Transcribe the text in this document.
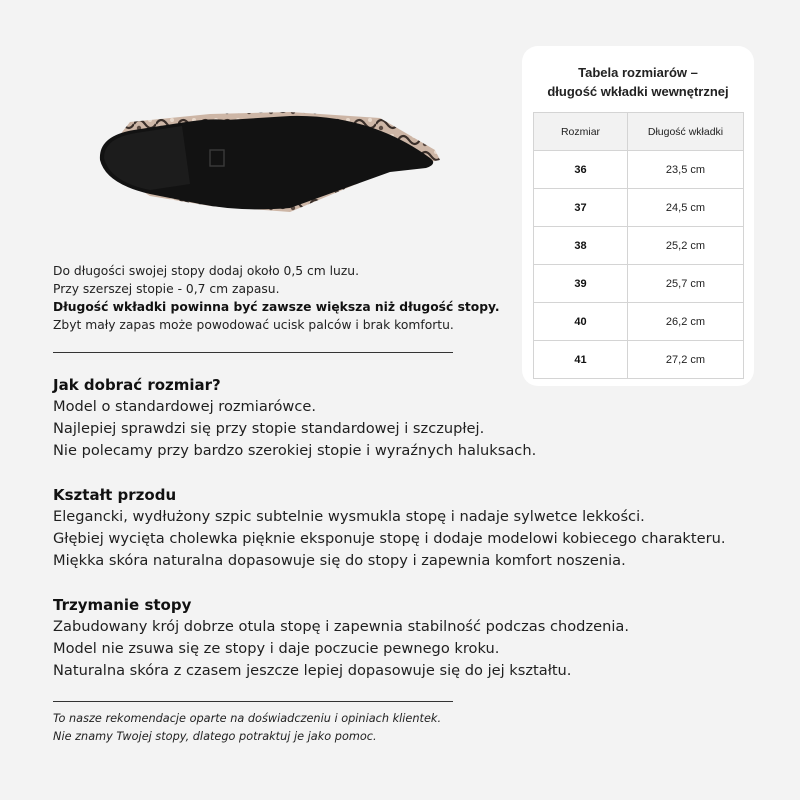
Do długości swojej stopy dodaj około 0,5 cm luzu.
Przy szerszej stopie - 0,7 cm zapasu.
Długość wkładki powinna być zawsze większa niż długość stopy.
Zbyt mały zapas może powodować ucisk palców i brak komfortu.
Tabela rozmiarów –
długość wkładki wewnętrznej
Rozmiar	Długość wkładki
36	23,5 cm
37	24,5 cm
38	25,2 cm
39	25,7 cm
40	26,2 cm
41	27,2 cm
Jak dobrać rozmiar?

Model o standardowej rozmiarówce.

Najlepiej sprawdzi się przy stopie standardowej i szczupłej.

Nie polecamy przy bardzo szerokiej stopie i wyraźnych haluksach.

Kształt przodu

Elegancki, wydłużony szpic subtelnie wysmukla stopę i nadaje sylwetce lekkości.

Głębiej wycięta cholewka pięknie eksponuje stopę i dodaje modelowi kobiecego charakteru.

Miękka skóra naturalna dopasowuje się do stopy i zapewnia komfort noszenia.

Trzymanie stopy

Zabudowany krój dobrze otula stopę i zapewnia stabilność podczas chodzenia.

Model nie zsuwa się ze stopy i daje poczucie pewnego kroku.

Naturalna skóra z czasem jeszcze lepiej dopasowuje się do jej kształtu.

To nasze rekomendacje oparte na doświadczeniu i opiniach klientek.
Nie znamy Twojej stopy, dlatego potraktuj je jako pomoc.
